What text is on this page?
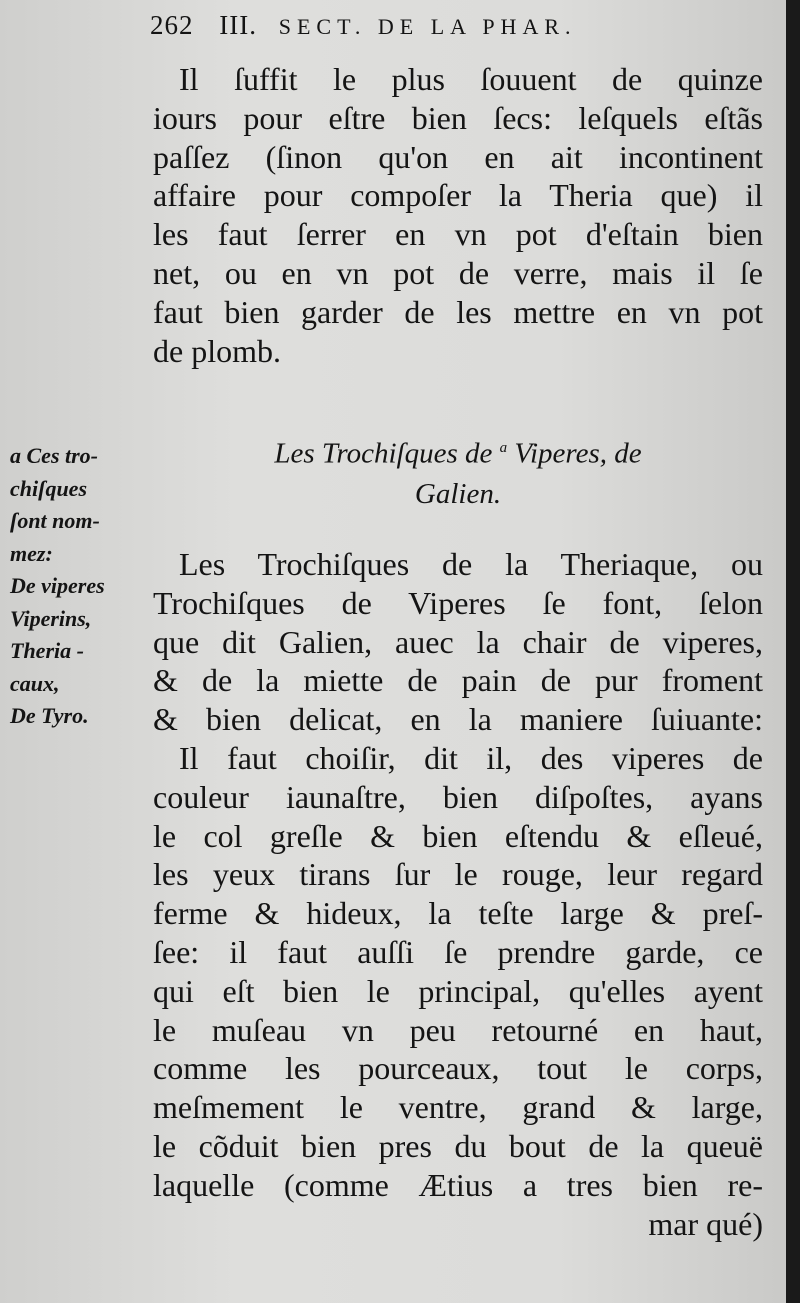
262 III. SECT. DE LA PHAR.
Il ſuffit le plus ſouuent de quinze
iours pour eſtre bien ſecs: leſquels eſtãs
paſſez (ſinon qu'on en ait incontinent
affaire pour compoſer la Theria que) il
les faut ſerrer en vn pot d'eſtain bien
net, ou en vn pot de verre, mais il ſe
faut bien garder de les mettre en vn pot
de plomb.
Les Trochiſques de $^a$ Viperes, de
Galien.
a Ces tro-
chiſques
ſont nom-
mez:
De viperes
Viperins,
Theria -
caux,
De Tyro.
Les Trochiſques de la Theriaque, ou
Trochiſques de Viperes ſe font, ſelon
que dit Galien, auec la chair de viperes,
& de la miette de pain de pur froment
& bien delicat, en la maniere ſuiuante:
Il faut choiſir, dit il, des viperes de
couleur iaunaſtre, bien diſpoſtes, ayans
le col greſle & bien eſtendu & eſleué,
les yeux tirans ſur le rouge, leur regard
ferme & hideux, la teſte large & preſ-
ſee: il faut auſſi ſe prendre garde, ce
qui eſt bien le principal, qu'elles ayent
le muſeau vn peu retourné en haut,
comme les pourceaux, tout le corps,
meſmement le ventre, grand & large,
le cõduit bien pres du bout de la queuë
laquelle (comme Ætius a tres bien re-
mar qué)
